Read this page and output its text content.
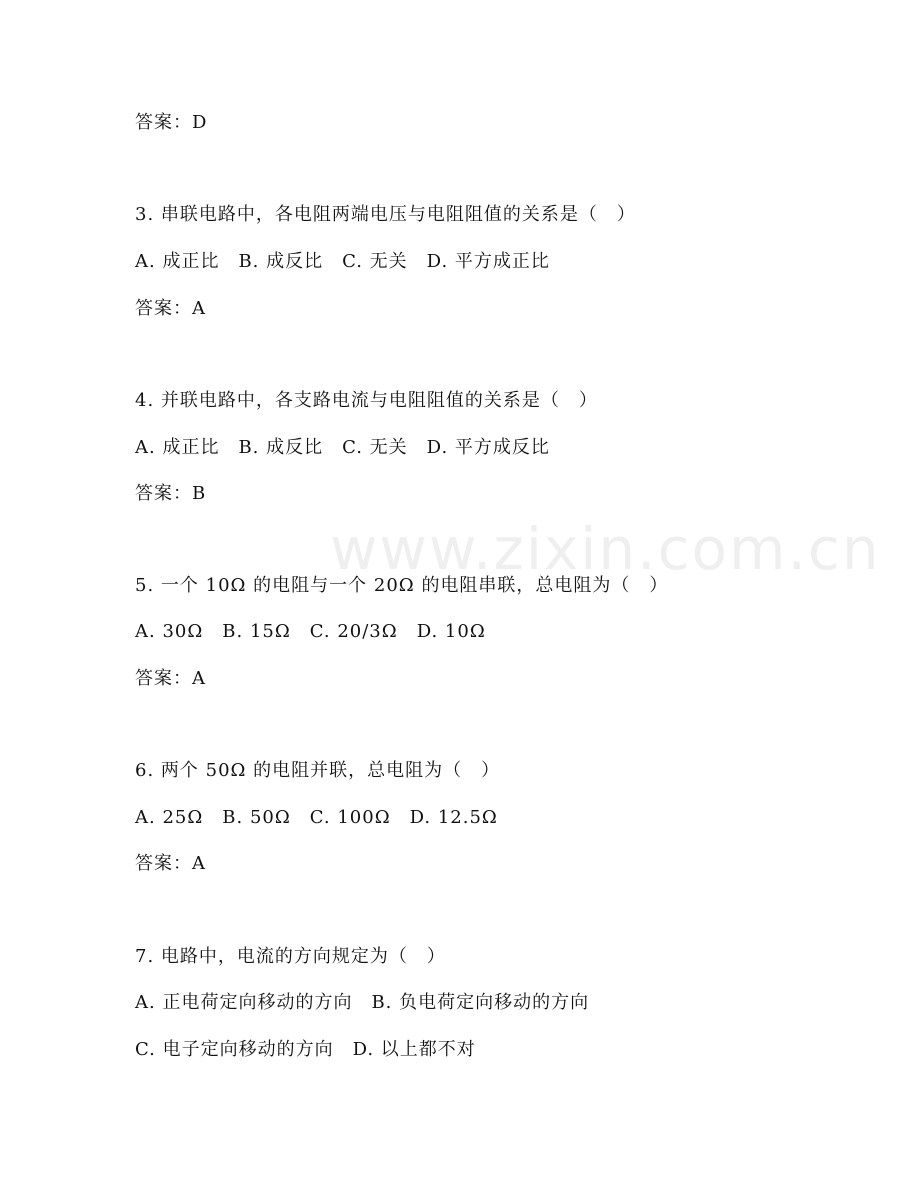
www.zixin.com.cn
答案：D
3. 串联电路中，各电阻两端电压与电阻阻值的关系是（　）
A. 成正比　B. 成反比　C. 无关　D. 平方成正比
答案：A
4. 并联电路中，各支路电流与电阻阻值的关系是（　）
A. 成正比　B. 成反比　C. 无关　D. 平方成反比
答案：B
5. 一个 10Ω 的电阻与一个 20Ω 的电阻串联，总电阻为（　）
A. 30Ω　B. 15Ω　C. 20/3Ω　D. 10Ω
答案：A
6. 两个 50Ω 的电阻并联，总电阻为（　）
A. 25Ω　B. 50Ω　C. 100Ω　D. 12.5Ω
答案：A
7. 电路中，电流的方向规定为（　）
A. 正电荷定向移动的方向　B. 负电荷定向移动的方向
C. 电子定向移动的方向　D. 以上都不对
